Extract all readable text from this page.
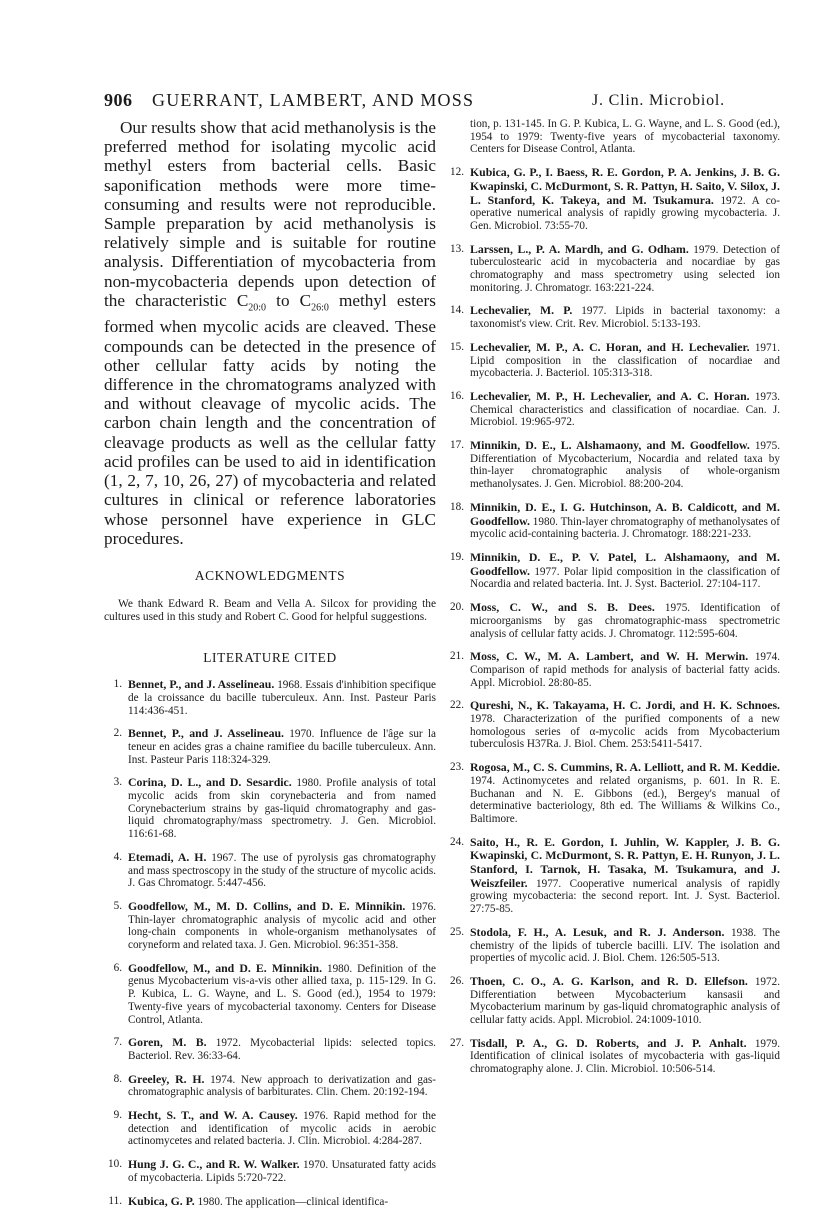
906 GUERRANT, LAMBERT, AND MOSS	J. Clin. Microbiol.

Our results show that acid methanolysis is the preferred method for isolating mycolic acid methyl esters from bacterial cells. Basic saponification methods were more time-consuming and results were not reproducible. Sample preparation by acid methanolysis is relatively simple and is suitable for routine analysis. Differentiation of mycobacteria from non-mycobacteria depends upon detection of the characteristic $C_{20:0}$ to $C_{26:0}$ methyl esters formed when mycolic acids are cleaved. These compounds can be detected in the presence of other cellular fatty acids by noting the difference in the chromatograms analyzed with and without cleavage of mycolic acids. The carbon chain length and the concentration of cleavage products as well as the cellular fatty acid profiles can be used to aid in identification (1, 2, 7, 10, 26, 27) of mycobacteria and related cultures in clinical or reference laboratories whose personnel have experience in GLC procedures.

ACKNOWLEDGMENTS

We thank Edward R. Beam and Vella A. Silcox for providing the cultures used in this study and Robert C. Good for helpful suggestions.

LITERATURE CITED
1. Bennet, P., and J. Asselineau. 1968. Essais d'inhibition specifique de la croissance du bacille tuberculeux. Ann. Inst. Pasteur Paris 114:436-451.
2. Bennet, P., and J. Asselineau. 1970. Influence de l'âge sur la teneur en acides gras a chaine ramifiee du bacille tuberculeux. Ann. Inst. Pasteur Paris 118:324-329.
3. Corina, D. L., and D. Sesardic. 1980. Profile analysis of total mycolic acids from skin corynebacteria and from named Corynebacterium strains by gas-liquid chromatography and gas-liquid chromatography/mass spectrometry. J. Gen. Microbiol. 116:61-68.
4. Etemadi, A. H. 1967. The use of pyrolysis gas chromatography and mass spectroscopy in the study of the structure of mycolic acids. J. Gas Chromatogr. 5:447-456.
5. Goodfellow, M., M. D. Collins, and D. E. Minnikin. 1976. Thin-layer chromatographic analysis of mycolic acid and other long-chain components in whole-organism methanolysates of coryneform and related taxa. J. Gen. Microbiol. 96:351-358.
6. Goodfellow, M., and D. E. Minnikin. 1980. Definition of the genus Mycobacterium vis-a-vis other allied taxa, p. 115-129. In G. P. Kubica, L. G. Wayne, and L. S. Good (ed.), 1954 to 1979: Twenty-five years of mycobacterial taxonomy. Centers for Disease Control, Atlanta.
7. Goren, M. B. 1972. Mycobacterial lipids: selected topics. Bacteriol. Rev. 36:33-64.
8. Greeley, R. H. 1974. New approach to derivatization and gas-chromatographic analysis of barbiturates. Clin. Chem. 20:192-194.
9. Hecht, S. T., and W. A. Causey. 1976. Rapid method for the detection and identification of mycolic acids in aerobic actinomycetes and related bacteria. J. Clin. Microbiol. 4:284-287.
10. Hung J. G. C., and R. W. Walker. 1970. Unsaturated fatty acids of mycobacteria. Lipids 5:720-722.
11. Kubica, G. P. 1980. The application—clinical identifica-

tion, p. 131-145. In G. P. Kubica, L. G. Wayne, and L. S. Good (ed.), 1954 to 1979: Twenty-five years of mycobacterial taxonomy. Centers for Disease Control, Atlanta.

12. Kubica, G. P., I. Baess, R. E. Gordon, P. A. Jenkins, J. B. G. Kwapinski, C. McDurmont, S. R. Pattyn, H. Saito, V. Silox, J. L. Stanford, K. Takeya, and M. Tsukamura. 1972. A co-operative numerical analysis of rapidly growing mycobacteria. J. Gen. Microbiol. 73:55-70.
13. Larssen, L., P. A. Mardh, and G. Odham. 1979. Detection of tuberculostearic acid in mycobacteria and nocardiae by gas chromatography and mass spectrometry using selected ion monitoring. J. Chromatogr. 163:221-224.
14. Lechevalier, M. P. 1977. Lipids in bacterial taxonomy: a taxonomist's view. Crit. Rev. Microbiol. 5:133-193.
15. Lechevalier, M. P., A. C. Horan, and H. Lechevalier. 1971. Lipid composition in the classification of nocardiae and mycobacteria. J. Bacteriol. 105:313-318.
16. Lechevalier, M. P., H. Lechevalier, and A. C. Horan. 1973. Chemical characteristics and classification of nocardiae. Can. J. Microbiol. 19:965-972.
17. Minnikin, D. E., L. Alshamaony, and M. Goodfellow. 1975. Differentiation of Mycobacterium, Nocardia and related taxa by thin-layer chromatographic analysis of whole-organism methanolysates. J. Gen. Microbiol. 88:200-204.
18. Minnikin, D. E., I. G. Hutchinson, A. B. Caldicott, and M. Goodfellow. 1980. Thin-layer chromatography of methanolysates of mycolic acid-containing bacteria. J. Chromatogr. 188:221-233.
19. Minnikin, D. E., P. V. Patel, L. Alshamaony, and M. Goodfellow. 1977. Polar lipid composition in the classification of Nocardia and related bacteria. Int. J. Syst. Bacteriol. 27:104-117.
20. Moss, C. W., and S. B. Dees. 1975. Identification of microorganisms by gas chromatographic-mass spectrometric analysis of cellular fatty acids. J. Chromatogr. 112:595-604.
21. Moss, C. W., M. A. Lambert, and W. H. Merwin. 1974. Comparison of rapid methods for analysis of bacterial fatty acids. Appl. Microbiol. 28:80-85.
22. Qureshi, N., K. Takayama, H. C. Jordi, and H. K. Schnoes. 1978. Characterization of the purified components of a new homologous series of α-mycolic acids from Mycobacterium tuberculosis H37Ra. J. Biol. Chem. 253:5411-5417.
23. Rogosa, M., C. S. Cummins, R. A. Lelliott, and R. M. Keddie. 1974. Actinomycetes and related organisms, p. 601. In R. E. Buchanan and N. E. Gibbons (ed.), Bergey's manual of determinative bacteriology, 8th ed. The Williams & Wilkins Co., Baltimore.
24. Saito, H., R. E. Gordon, I. Juhlin, W. Kappler, J. B. G. Kwapinski, C. McDurmont, S. R. Pattyn, E. H. Runyon, J. L. Stanford, I. Tarnok, H. Tasaka, M. Tsukamura, and J. Weiszfeiler. 1977. Cooperative numerical analysis of rapidly growing mycobacteria: the second report. Int. J. Syst. Bacteriol. 27:75-85.
25. Stodola, F. H., A. Lesuk, and R. J. Anderson. 1938. The chemistry of the lipids of tubercle bacilli. LIV. The isolation and properties of mycolic acid. J. Biol. Chem. 126:505-513.
26. Thoen, C. O., A. G. Karlson, and R. D. Ellefson. 1972. Differentiation between Mycobacterium kansasii and Mycobacterium marinum by gas-liquid chromatographic analysis of cellular fatty acids. Appl. Microbiol. 24:1009-1010.
27. Tisdall, P. A., G. D. Roberts, and J. P. Anhalt. 1979. Identification of clinical isolates of mycobacteria with gas-liquid chromatography alone. J. Clin. Microbiol. 10:506-514.
